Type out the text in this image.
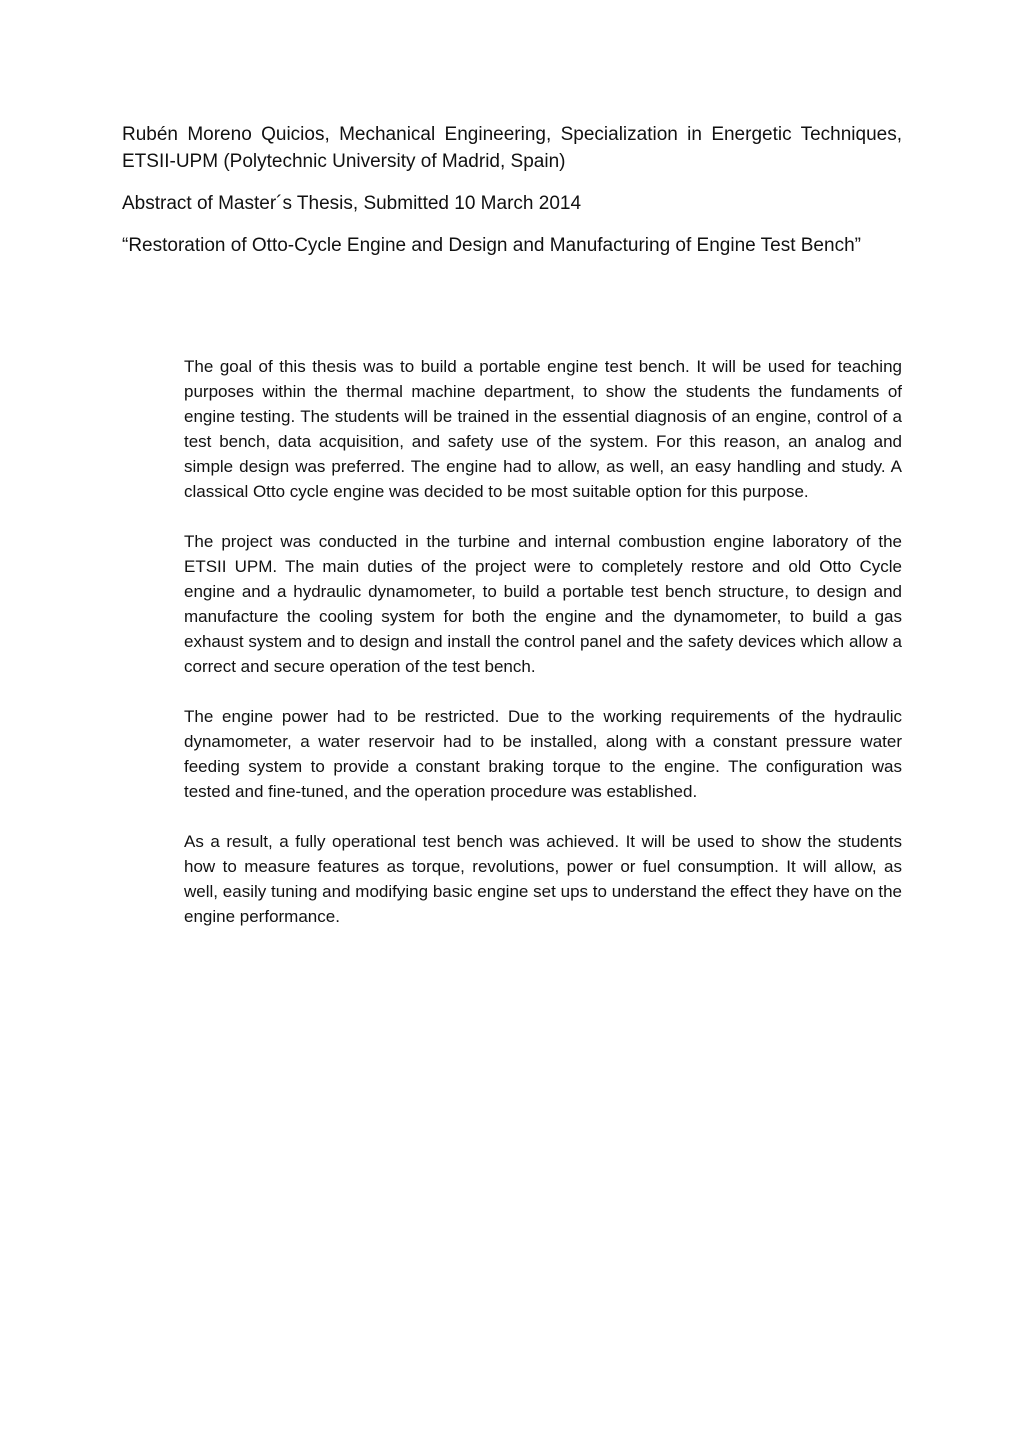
Rubén Moreno Quicios, Mechanical Engineering, Specialization in Energetic Techniques, ETSII-UPM (Polytechnic University of Madrid, Spain)

Abstract of Master´s Thesis, Submitted 10 March 2014

“Restoration of Otto-Cycle Engine and Design and Manufacturing of Engine Test Bench”

The goal of this thesis was to build a portable engine test bench. It will be used for teaching purposes within the thermal machine department, to show the students the fundaments of engine testing. The students will be trained in the essential diagnosis of an engine, control of a test bench, data acquisition, and safety use of the system. For this reason, an analog and simple design was preferred. The engine had to allow, as well, an easy handling and study. A classical Otto cycle engine was decided to be most suitable option for this purpose.

The project was conducted in the turbine and internal combustion engine laboratory of the ETSII UPM. The main duties of the project were to completely restore and old Otto Cycle engine and a hydraulic dynamometer, to build a portable test bench structure, to design and manufacture the cooling system for both the engine and the dynamometer, to build a gas exhaust system and to design and install the control panel and the safety devices which allow a correct and secure operation of the test bench.

The engine power had to be restricted. Due to the working requirements of the hydraulic dynamometer, a water reservoir had to be installed, along with a constant pressure water feeding system to provide a constant braking torque to the engine. The configuration was tested and fine-tuned, and the operation procedure was established.

As a result, a fully operational test bench was achieved. It will be used to show the students how to measure features as torque, revolutions, power or fuel consumption. It will allow, as well, easily tuning and modifying basic engine set ups to understand the effect they have on the engine performance.
